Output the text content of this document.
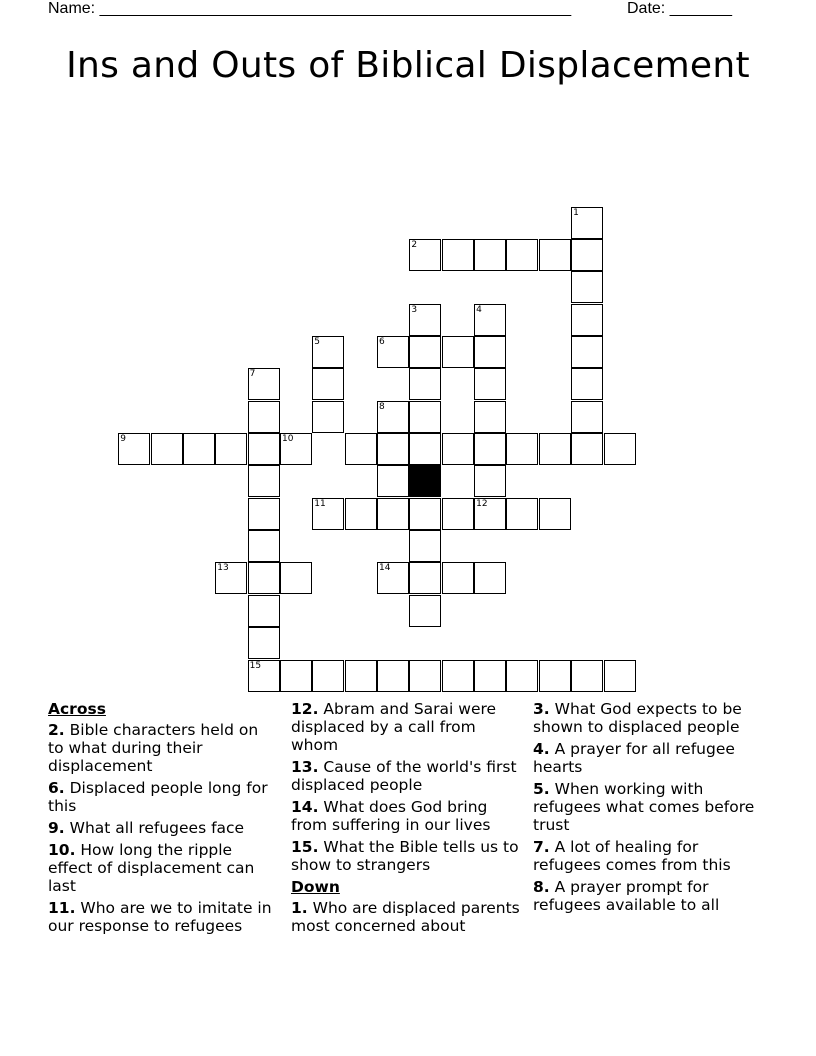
Name: _____________________________________________________	Date: _______
Ins and Outs of Biblical Displacement
1
2
3	4
5	6
7
8
9	10
11	12
13	14
15
Across
2. Bible characters held on to what during their displacement
6. Displaced people long for this
9. What all refugees face
10. How long the ripple effect of displacement can last
11. Who are we to imitate in our response to refugees
12. Abram and Sarai were displaced by a call from whom
13. Cause of the world's first displaced people
14. What does God bring from suffering in our lives
15. What the Bible tells us to show to strangers
Down
1. Who are displaced parents most concerned about
3. What God expects to be shown to displaced people
4. A prayer for all refugee hearts
5. When working with refugees what comes before trust
7. A lot of healing for refugees comes from this
8. A prayer prompt for refugees available to all
